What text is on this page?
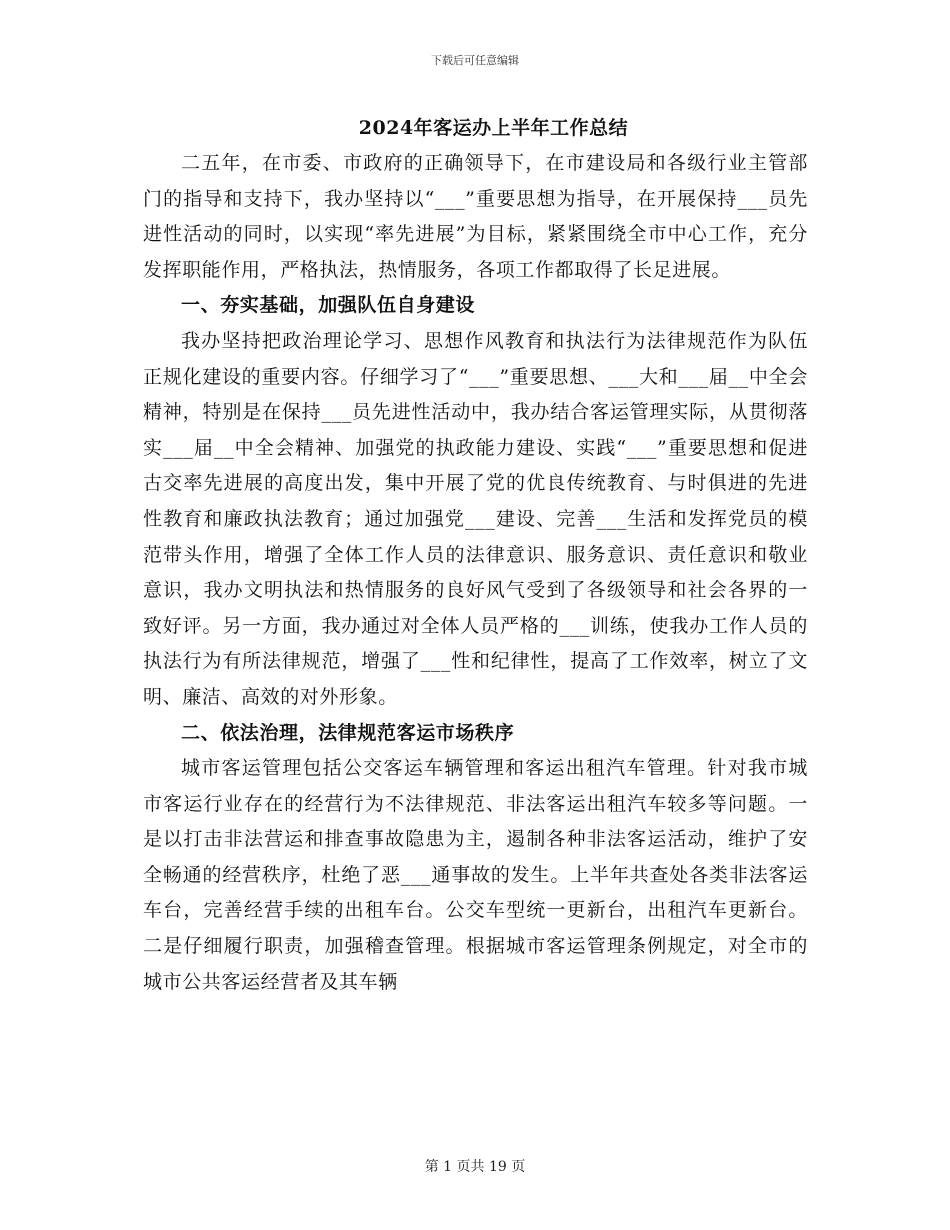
下载后可任意编辑
2024年客运办上半年工作总结

二五年，在市委、市政府的正确领导下，在市建设局和各级行业主管部门的指导和支持下，我办坚持以“___”重要思想为指导，在开展保持___员先进性活动的同时，以实现“率先进展”为目标，紧紧围绕全市中心工作，充分发挥职能作用，严格执法，热情服务，各项工作都取得了长足进展。

一、夯实基础，加强队伍自身建设

我办坚持把政治理论学习、思想作风教育和执法行为法律规范作为队伍正规化建设的重要内容。仔细学习了“___”重要思想、___大和___届__中全会精神，特别是在保持___员先进性活动中，我办结合客运管理实际，从贯彻落实___届__中全会精神、加强党的执政能力建设、实践“___”重要思想和促进古交率先进展的高度出发，集中开展了党的优良传统教育、与时俱进的先进性教育和廉政执法教育；通过加强党___建设、完善___生活和发挥党员的模范带头作用，增强了全体工作人员的法律意识、服务意识、责任意识和敬业意识，我办文明执法和热情服务的良好风气受到了各级领导和社会各界的一致好评。另一方面，我办通过对全体人员严格的___训练，使我办工作人员的执法行为有所法律规范，增强了___性和纪律性，提高了工作效率，树立了文明、廉洁、高效的对外形象。

二、依法治理，法律规范客运市场秩序

城市客运管理包括公交客运车辆管理和客运出租汽车管理。针对我市城市客运行业存在的经营行为不法律规范、非法客运出租汽车较多等问题。一是以打击非法营运和排查事故隐患为主，遏制各种非法客运活动，维护了安全畅通的经营秩序，杜绝了恶___通事故的发生。上半年共查处各类非法客运车台，完善经营手续的出租车台。公交车型统一更新台，出租汽车更新台。二是仔细履行职责，加强稽查管理。根据城市客运管理条例规定，对全市的城市公共客运经营者及其车辆

第 1 页共 19 页
